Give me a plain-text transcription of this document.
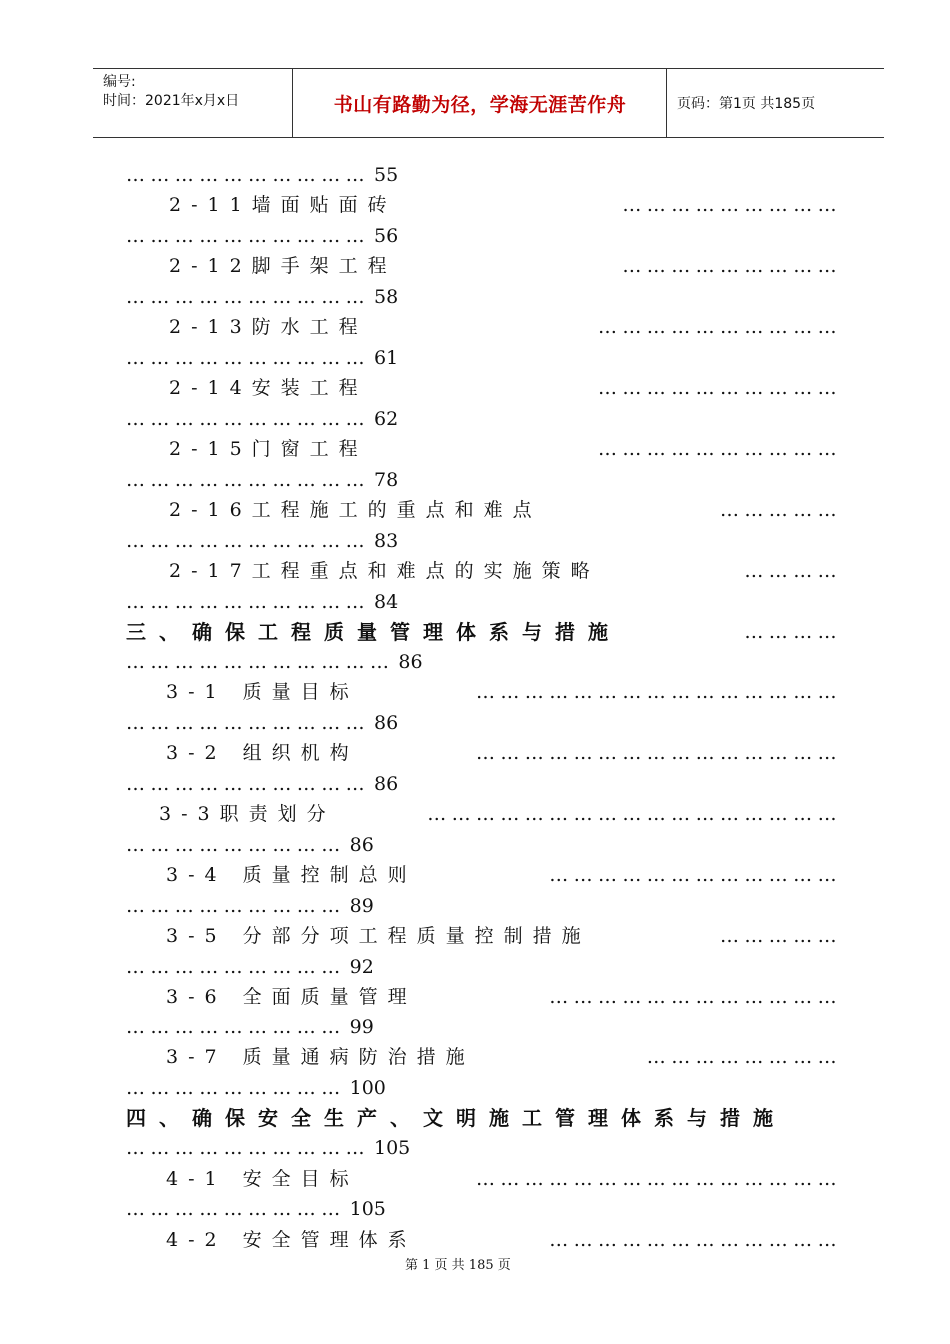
编号:
时间：2021年x月x日	书山有路勤为径，学海无涯苦作舟	页码：第1页 共185页
………………………… 55
2-11墙面贴面砖	………………………
………………………… 56
2-12脚手架工程	………………………
………………………… 58
2-13防水工程	…………………………
………………………… 61
2-14安装工程	…………………………
………………………… 62
2-15门窗工程	…………………………
………………………… 78
2-16工程施工的重点和难点	……………
………………………… 83
2-17工程重点和难点的实施策略	…………
………………………… 84
三、确保工程质量管理体系与措施	…………
…………………………… 86
3-1 质量目标	………………………………………
………………………… 86
3-2 组织机构	………………………………………
………………………… 86
3-3职责划分	……………………………………………
……………………… 86
3-4 质量控制总则	………………………………
……………………… 89
3-5 分部分项工程质量控制措施	……………
……………………… 92
3-6 全面质量管理	………………………………
……………………… 99
3-7 质量通病防治措施	……………………
……………………… 100
四、确保安全生产、文明施工管理体系与措施
………………………… 105
4-1 安全目标	………………………………………
……………………… 105
4-2 安全管理体系	………………………………
第 1 页 共 185 页
